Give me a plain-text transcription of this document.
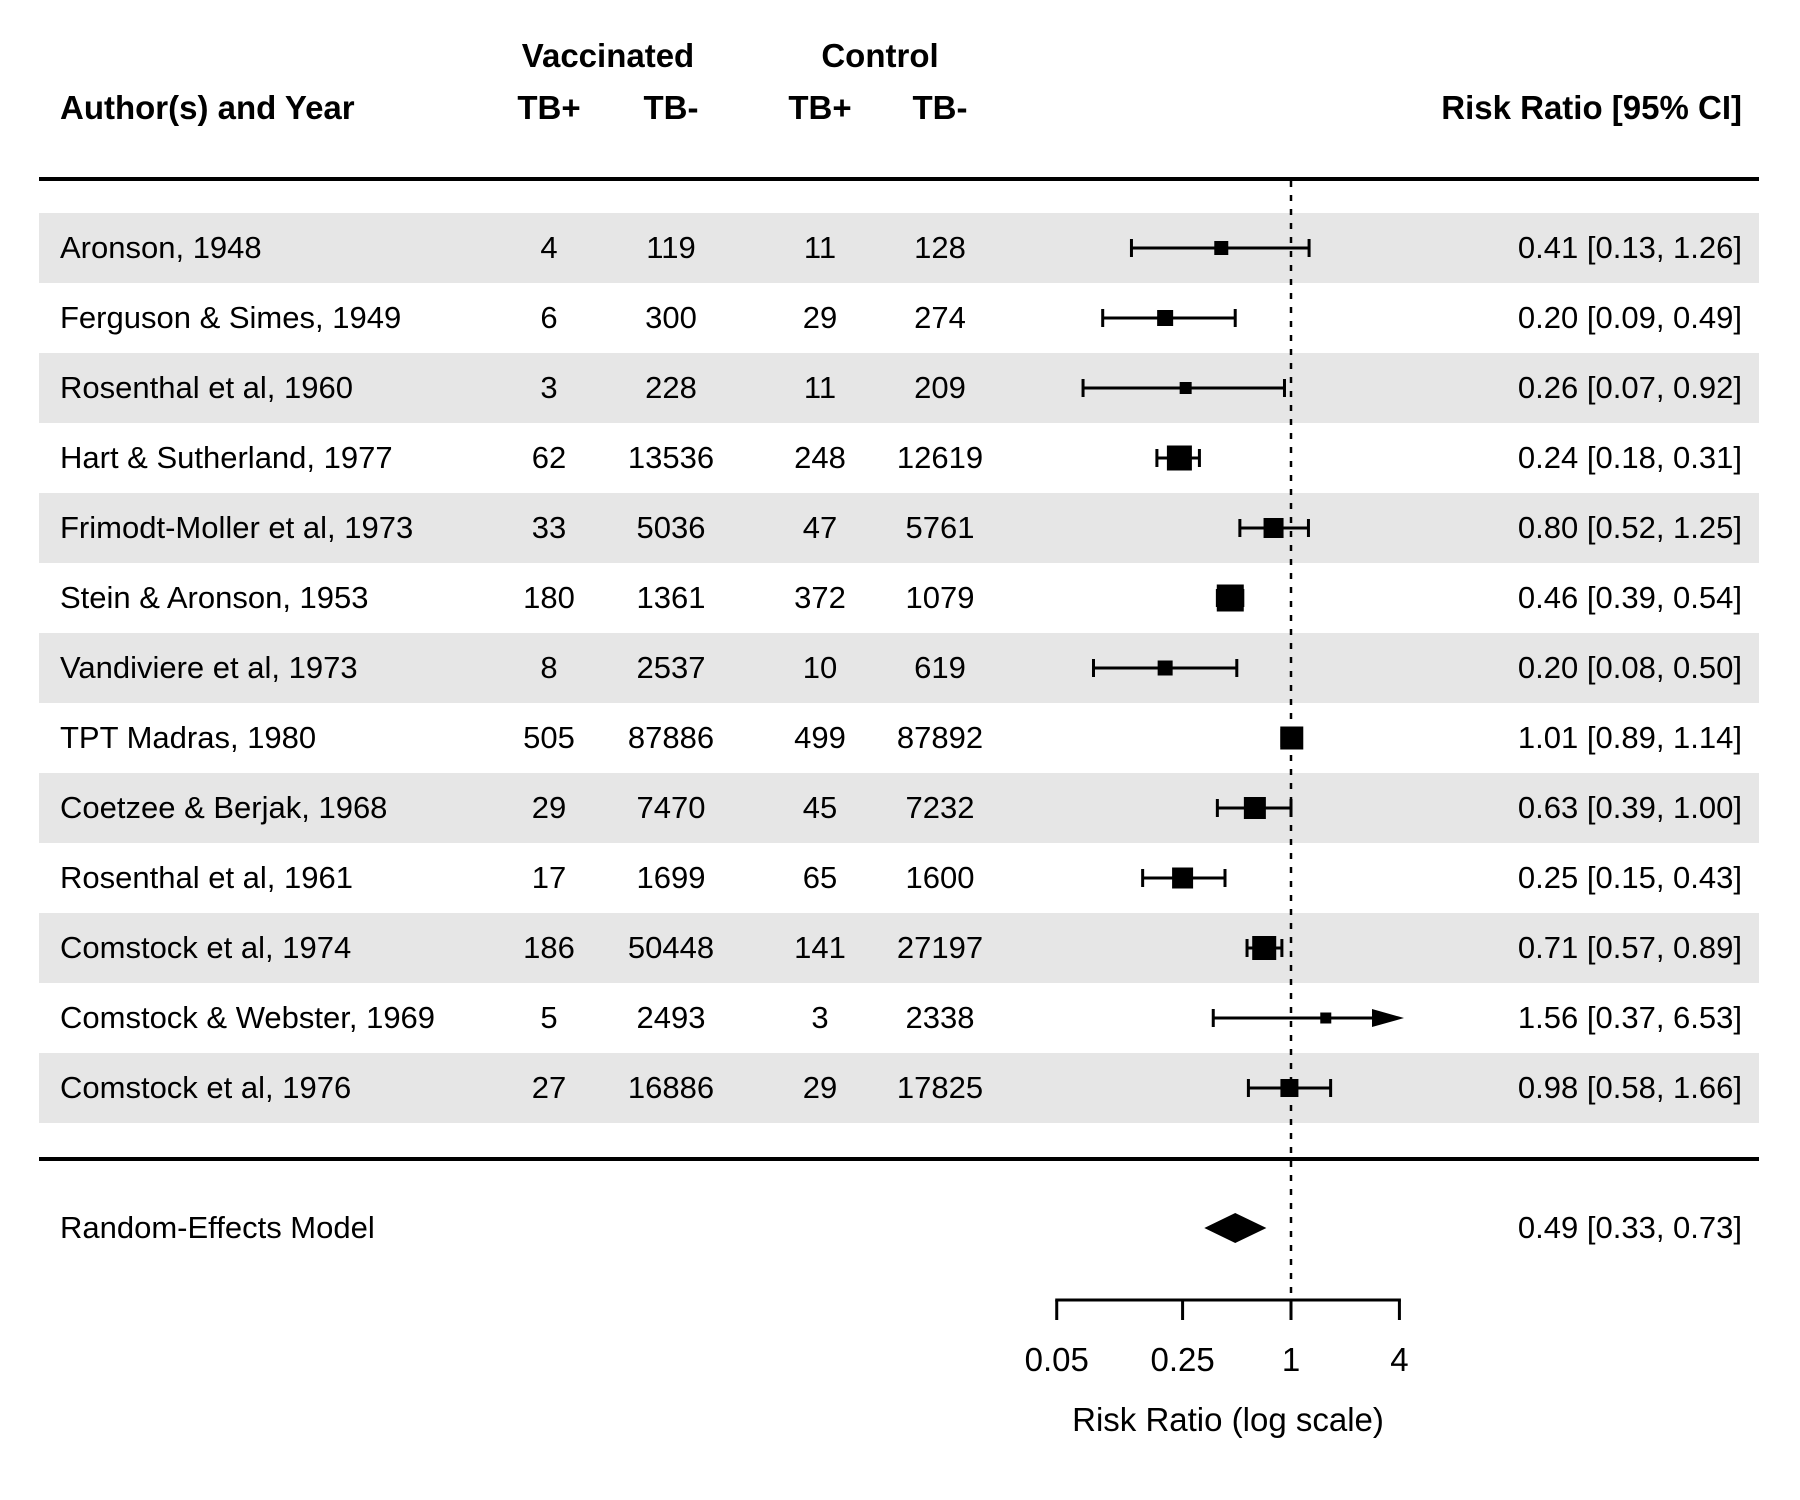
Vaccinated	Control
Author(s) and Year	TB+ TB-	TB+ TB-	Risk Ratio [95% CI]
Random-Effects Model	0.49 [0.33, 0.73]
Risk Ratio (log scale)
Aronson, 1948	4	119	11	128	0.41 [0.13, 1.26]
Ferguson & Simes, 1949	6	300	29 274	0.20 [0.09, 0.49]
Rosenthal et al, 1960	3	228	11	209	0.26 [0.07, 0.92]
Hart & Sutherland, 1977	62 13536	248 12619	0.24 [0.18, 0.31]
Frimodt-Moller et al, 1973	33 5036	47 5761	0.80 [0.52, 1.25]
Stein & Aronson, 1953	180 1361	372 1079	0.46 [0.39, 0.54]
Vandiviere et al, 1973	8	2537	10 619	0.20 [0.08, 0.50]
TPT Madras, 1980	505 87886	499 87892	1.01 [0.89, 1.14]
Coetzee & Berjak, 1968	29 7470	45 7232	0.63 [0.39, 1.00]
Rosenthal et al, 1961	17 1699	65 1600	0.25 [0.15, 0.43]
Comstock et al, 1974	186 50448	141 27197	0.71 [0.57, 0.89]
Comstock & Webster, 1969	5	2493	3 2338	1.56 [0.37, 6.53]
Comstock et al, 1976	27 16886	29 17825	0.98 [0.58, 1.66]
0.05 0.25 1	4
